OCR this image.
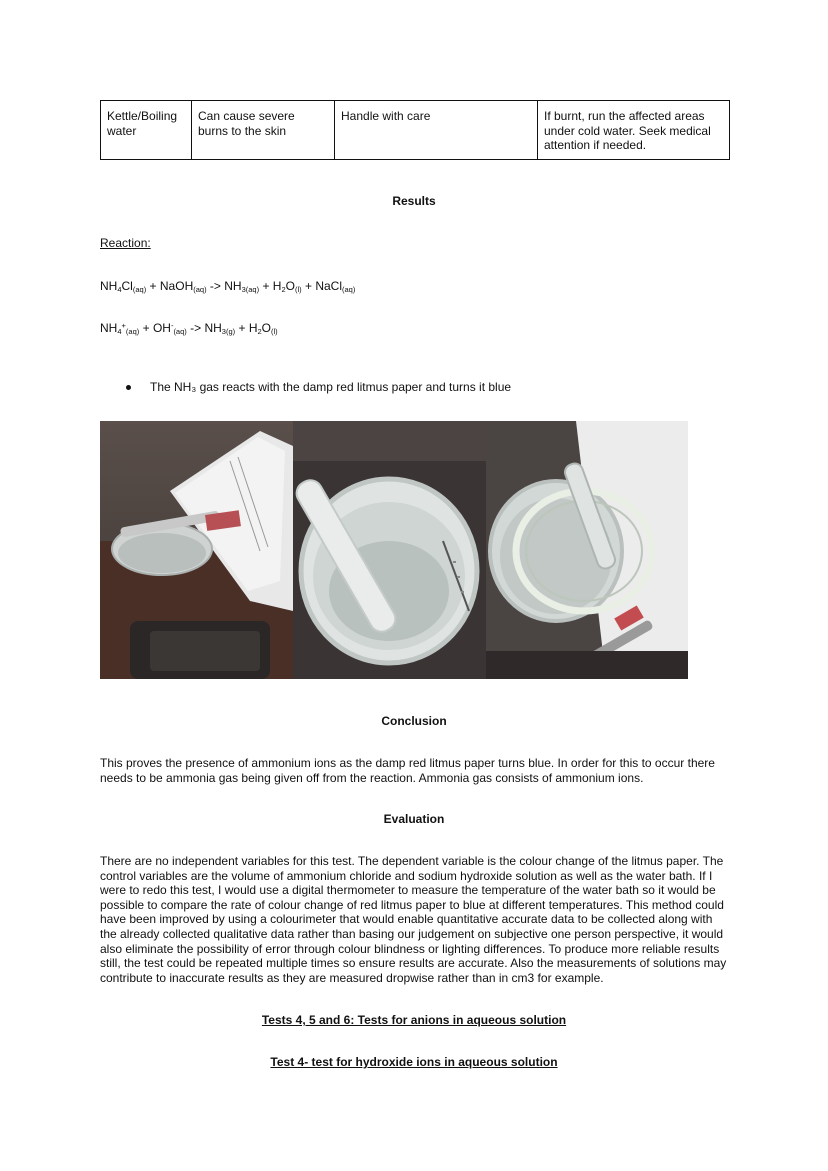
Kettle/Boiling water	Can cause severe burns to the skin	Handle with care	If burnt, run the affected areas under cold water. Seek medical attention if needed.
Results
Reaction:
$NH_4Cl_{(aq)}$ + NaOH$_{(aq)}$ -> $NH_{3(aq)} + H_2O_{(l)}$ + NaCl$_{(aq)}$
$NH_4^+_{(aq)} + OH^-_{(aq)} -> NH_{3(g)} + H_2O_{(l)}$
The NH₃ gas reacts with the damp red litmus paper and turns it blue
Conclusion
This proves the presence of ammonium ions as the damp red litmus paper turns blue. In order for this to occur there needs to be ammonia gas being given off from the reaction. Ammonia gas consists of ammonium ions.
Evaluation
There are no independent variables for this test. The dependent variable is the colour change of the litmus paper. The control variables are the volume of ammonium chloride and sodium hydroxide solution as well as the water bath. If I were to redo this test, I would use a digital thermometer to measure the temperature of the water bath so it would be possible to compare the rate of colour change of red litmus paper to blue at different temperatures. This method could have been improved by using a colourimeter that would enable quantitative accurate data to be collected along with the already collected qualitative data rather than basing our judgement on subjective one person perspective, it would also eliminate the possibility of error through colour blindness or lighting differences. To produce more reliable results still, the test could be repeated multiple times so ensure results are accurate. Also the measurements of solutions may contribute to inaccurate results as they are measured dropwise rather than in cm3 for example.
Tests 4, 5 and 6: Tests for anions in aqueous solution
Test 4- test for hydroxide ions in aqueous solution
